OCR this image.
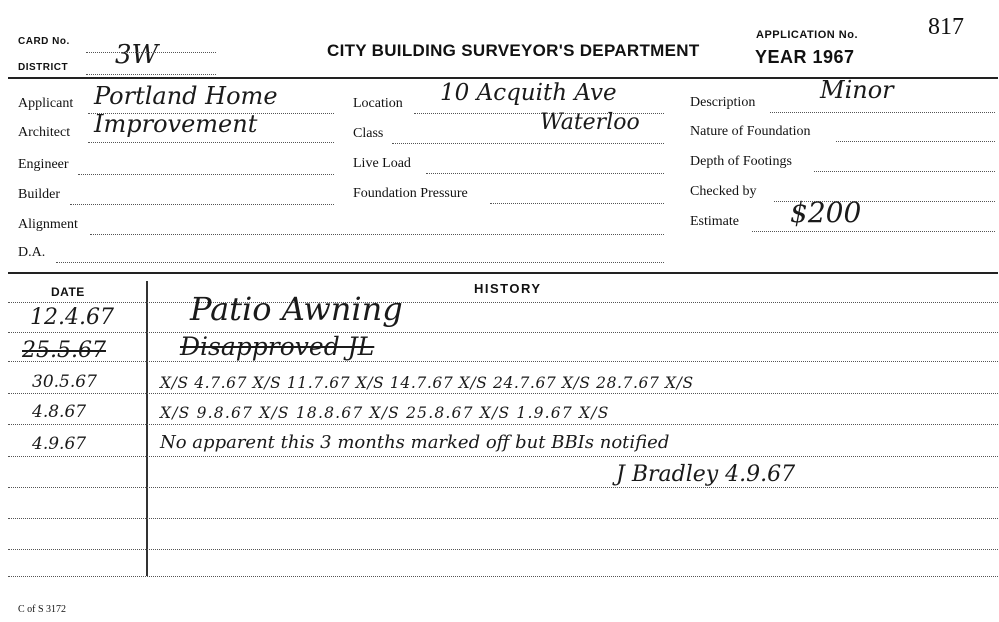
CARD No. 3W
DISTRICT
CITY BUILDING SURVEYOR'S DEPARTMENT
APPLICATION No.	817
YEAR 1967
Applicant Portland Home
Architect Improvement
Engineer
Builder
Alignment
D.A.
Location 10 Acquith Ave
Class	Waterloo
Live Load
Foundation Pressure
Description	Minor
Nature of Foundation
Depth of Footings
Checked by
Estimate $200
DATE	HISTORY
12.4.67 Patio Awning
25.5.67	Disapproved JL
30.5.67	X/S 4.7.67 X/S 11.7.67 X/S 14.7.67 X/S 24.7.67 X/S 28.7.67 X/S
4.8.67	X/S 9.8.67 X/S 18.8.67 X/S 25.8.67 X/S 1.9.67 X/S
4.9.67	No apparent this 3 months marked off but BBIs notified
J Bradley 4.9.67
C of S 3172
